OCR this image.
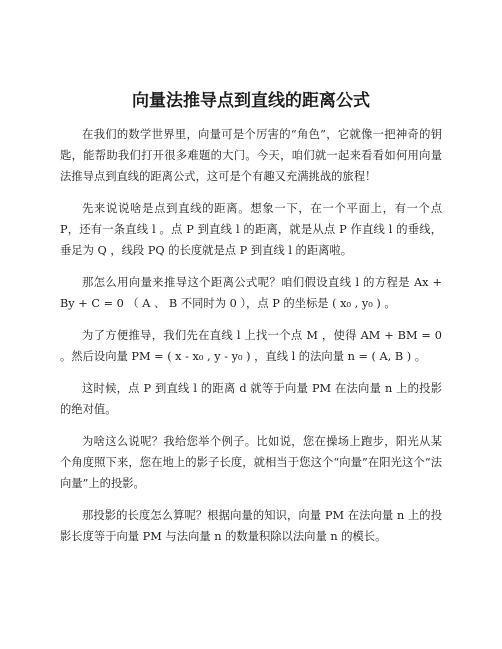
向量法推导点到直线的距离公式

在我们的数学世界里，向量可是个厉害的“角色”，它就像一把神奇的钥匙，能帮助我们打开很多难题的大门。今天，咱们就一起来看看如何用向量法推导点到直线的距离公式，这可是个有趣又充满挑战的旅程！

先来说说啥是点到直线的距离。想象一下，在一个平面上，有一个点 P，还有一条直线 l 。点 P 到直线 l 的距离，就是从点 P 作直线 l 的垂线，垂足为 Q ，线段 PQ 的长度就是点 P 到直线 l 的距离啦。

那怎么用向量来推导这个距离公式呢？咱们假设直线 l 的方程是 Ax + By + C = 0 （ A 、 B 不同时为 0 ），点 P 的坐标是 ( x₀ , y₀ ) 。

为了方便推导，我们先在直线 l 上找一个点 M ，使得 AM + BM = 0 。然后设向量 PM = ( x - x₀ , y - y₀ ) ，直线 l 的法向量 n = ( A, B ) 。

这时候，点 P 到直线 l 的距离 d 就等于向量 PM 在法向量 n 上的投影的绝对值。

为啥这么说呢？我给您举个例子。比如说，您在操场上跑步，阳光从某个角度照下来，您在地上的影子长度，就相当于您这个“向量”在阳光这个“法向量”上的投影。

那投影的长度怎么算呢？根据向量的知识，向量 PM 在法向量 n 上的投影长度等于向量 PM 与法向量 n 的数量积除以法向量 n 的模长。
